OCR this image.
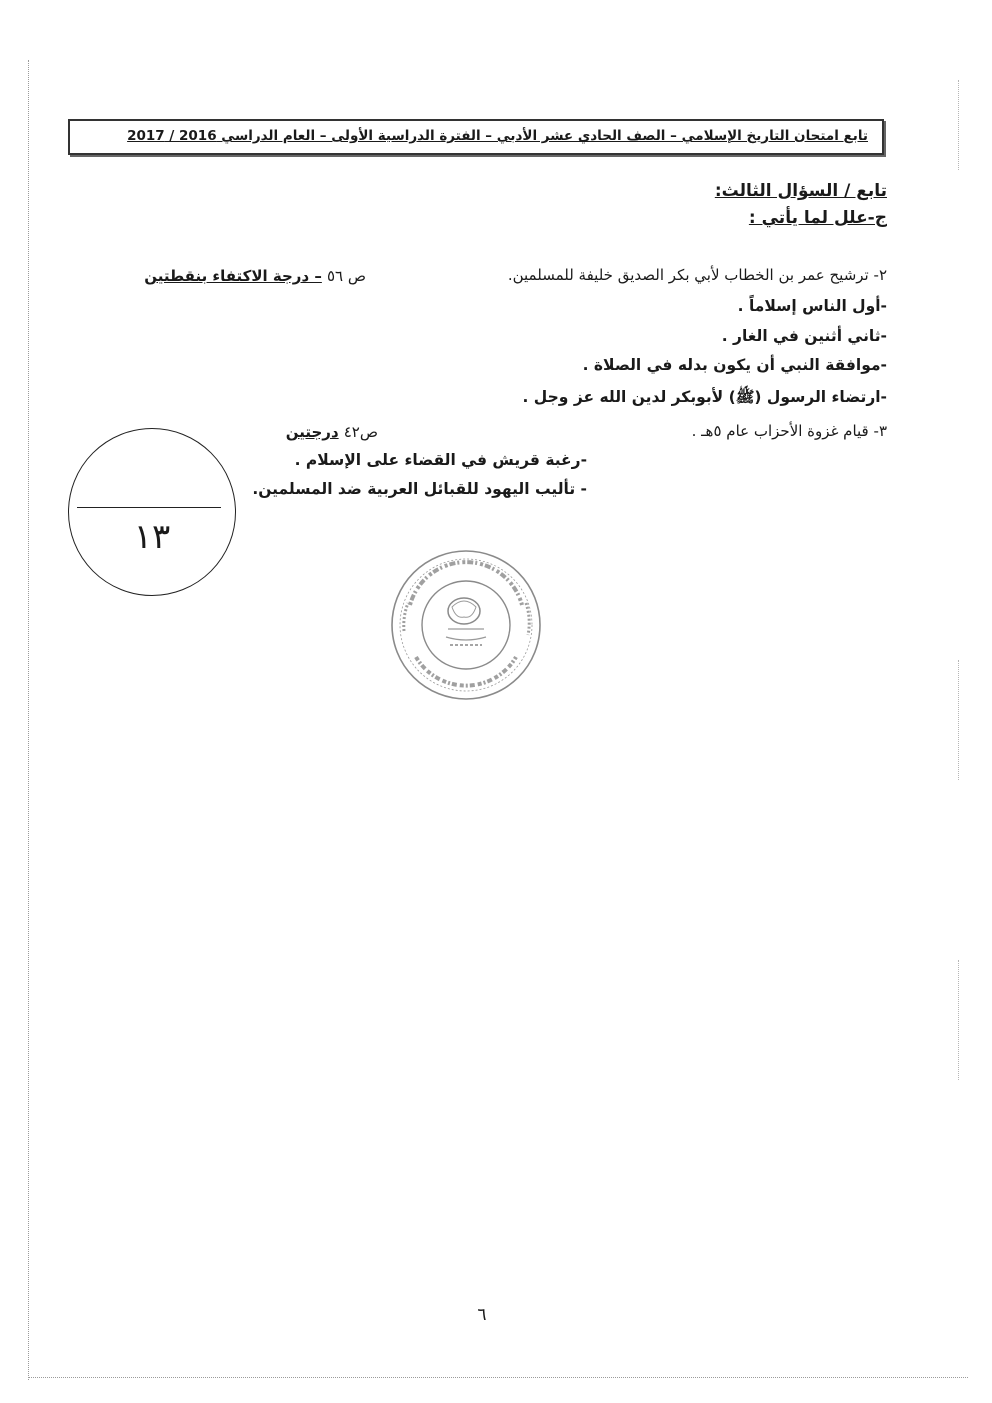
تابع امتحان التاريخ الإسلامي – الصف الحادي عشر الأدبي – الفترة الدراسية الأولى – العام الدراسي 2016 / 2017
تابع / السؤال الثالث:
ج-علل لما يأتي :
٢- ترشيح عمر بن الخطاب لأبي بكر الصديق خليفة للمسلمين.
ص ٥٦ – درجة الاكتفاء بنقطتين
-أول الناس إسلاماً .
-ثاني أثنين في الغار .
-موافقة النبي أن يكون بدله في الصلاة .
-ارتضاء الرسول (ﷺ) لأبوبكر لدين الله عز وجل .
٣- قيام غزوة الأحزاب عام ٥هـ .
ص٤٢ درجتين
-رغبة قريش في القضاء على الإسلام .
- تأليب اليهود للقبائل العربية ضد المسلمين.
١٣
٦
